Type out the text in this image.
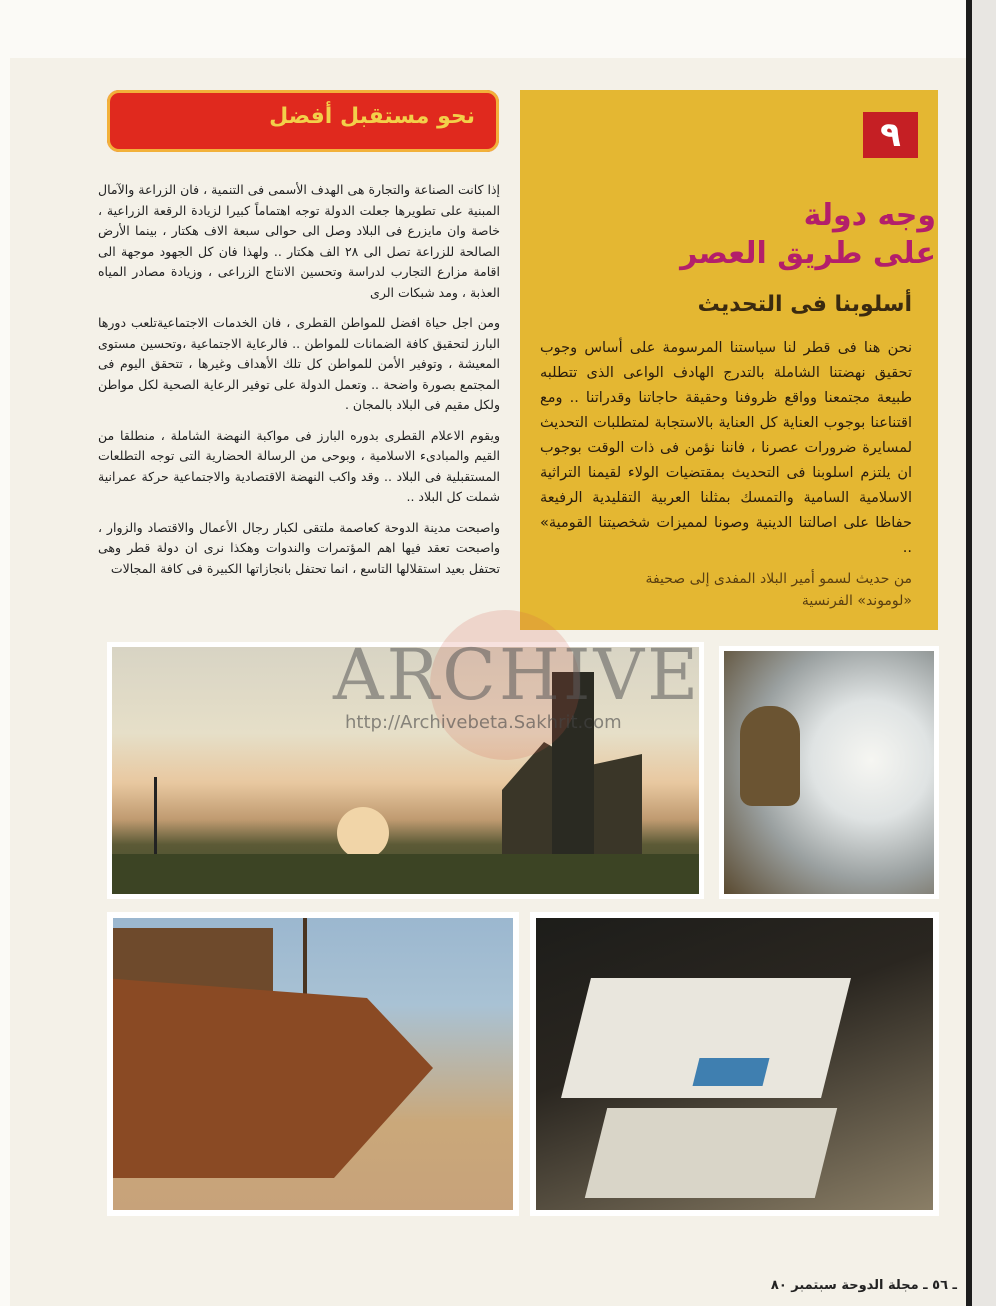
٩
وجه دولة
على طريق العصر
أسلوبنا فى التحديث
نحن هنا فى قطر لنا سياستنا المرسومة على أساس وجوب تحقيق نهضتنا الشاملة بالتدرج الهادف الواعى الذى تتطلبه طبيعة مجتمعنا وواقع ظروفنا وحقيقة حاجاتنا وقدراتنا .. ومع اقتناعنا بوجوب العناية كل العناية بالاستجابة لمتطلبات التحديث لمسايرة ضرورات عصرنا ، فاننا نؤمن فى ذات الوقت بوجوب ان يلتزم اسلوبنا فى التحديث بمقتضيات الولاء لقيمنا التراثية الاسلامية السامية والتمسك بمثلنا العربية التقليدية الرفيعة حفاظا على اصالتنا الدينية وصونا لمميزات شخصيتنا القومية» ..
من حديث لسمو أمير البلاد المفدى إلى صحيفة «لوموند» الفرنسية
نحو مستقبل أفضل

إذا كانت الصناعة والتجارة هى الهدف الأسمى فى التنمية ، فان الزراعة والآمال المبنية على تطويرها جعلت الدولة توجه اهتماماً كبيرا لزيادة الرقعة الزراعية ، خاصة وان مايزرع فى البلاد وصل الى حوالى سبعة الاف هكتار ، بينما الأرض الصالحة للزراعة تصل الى ٢٨ الف هكتار .. ولهذا فان كل الجهود موجهة الى اقامة مزارع التجارب لدراسة وتحسين الانتاج الزراعى ، وزيادة مصادر المياه العذبة ، ومد شبكات الرى

ومن اجل حياة افضل للمواطن القطرى ، فان الخدمات الاجتماعيةتلعب دورها البارز لتحقيق كافة الضمانات للمواطن .. فالرعاية الاجتماعية ،وتحسين مستوى المعيشة ، وتوفير الأمن للمواطن كل تلك الأهداف وغيرها ، تتحقق اليوم فى المجتمع بصورة واضحة .. وتعمل الدولة على توفير الرعاية الصحية لكل مواطن ولكل مقيم فى البلاد بالمجان .

ويقوم الاعلام القطرى بدوره البارز فى مواكبة النهضة الشاملة ، منطلقا من القيم والمبادىء الاسلامية ، وبوحى من الرسالة الحضارية التى توجه التطلعات المستقبلية فى البلاد .. وقد واكب النهضة الاقتصادية والاجتماعية حركة عمرانية شملت كل البلاد ..

واصبحت مدينة الدوحة كعاصمة ملتقى لكبار رجال الأعمال والاقتصاد والزوار ، واصبحت تعقد فيها اهم المؤتمرات والندوات وهكذا نرى ان دولة قطر وهى تحتفل بعيد استقلالها التاسع ، انما تحتفل بانجازاتها الكبيرة فى كافة المجالات

ARCHIVE
http://Archivebeta.Sakhrit.com
ـ ٥٦ ـ مجلة الدوحة سبتمبر ٨٠
